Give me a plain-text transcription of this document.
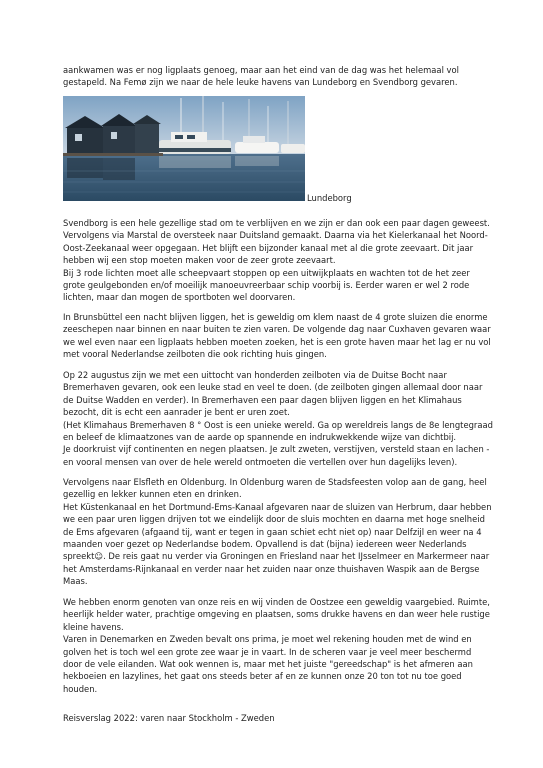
aankwamen was er nog ligplaats genoeg, maar aan het eind van de dag was het helemaal vol

gestapeld. Na Femø zijn we naar de hele leuke havens van Lundeborg en Svendborg gevaren.

Lundeborg

Svendborg is een hele gezellige stad om te verblijven en we zijn er dan ook een paar dagen geweest.

Vervolgens via Marstal de oversteek naar Duitsland gemaakt. Daarna via het Kielerkanaal het Noord-

Oost-Zeekanaal weer opgegaan. Het blijft een bijzonder kanaal met al die grote zeevaart. Dit jaar

hebben wij een stop moeten maken voor de zeer grote zeevaart.

Bij 3 rode lichten moet alle scheepvaart stoppen op een uitwijkplaats en wachten tot de het zeer

grote geulgebonden en/of moeilijk manoeuvreerbaar schip voorbij is. Eerder waren er wel 2 rode

lichten, maar dan mogen de sportboten wel doorvaren.

In Brunsbüttel een nacht blijven liggen, het is geweldig om klem naast de 4 grote sluizen die enorme

zeeschepen naar binnen en naar buiten te zien varen. De volgende dag naar Cuxhaven gevaren waar

we wel even naar een ligplaats hebben moeten zoeken, het is een grote haven maar het lag er nu vol

met vooral Nederlandse zeilboten die ook richting huis gingen.

Op 22 augustus zijn we met een uittocht van honderden zeilboten via de Duitse Bocht naar

Bremerhaven gevaren, ook een leuke stad en veel te doen. (de zeilboten gingen allemaal door naar

de Duitse Wadden en verder). In Bremerhaven een paar dagen blijven liggen en het Klimahaus

bezocht, dit is echt een aanrader je bent er uren zoet.

(Het Klimahaus Bremerhaven 8 ° Oost is een unieke wereld. Ga op wereldreis langs de 8e lengtegraad

en beleef de klimaatzones van de aarde op spannende en indrukwekkende wijze van dichtbij.

Je doorkruist vijf continenten en negen plaatsen. Je zult zweten, verstijven, versteld staan en lachen -

en vooral mensen van over de hele wereld ontmoeten die vertellen over hun dagelijks leven).

Vervolgens naar Elsfleth en Oldenburg. In Oldenburg waren de Stadsfeesten volop aan de gang, heel

gezellig en lekker kunnen eten en drinken.

Het Küstenkanaal en het Dortmund-Ems-Kanaal afgevaren naar de sluizen van Herbrum, daar hebben

we een paar uren liggen drijven tot we eindelijk door de sluis mochten en daarna met hoge snelheid

de Ems afgevaren (afgaand tij, want er tegen in gaan schiet echt niet op) naar Delfzijl en weer na 4

maanden voer gezet op Nederlandse bodem. Opvallend is dat (bijna) iedereen weer Nederlands

spreekt☺. De reis gaat nu verder via Groningen en Friesland naar het IJsselmeer en Markermeer naar

het Amsterdams-Rijnkanaal en verder naar het zuiden naar onze thuishaven Waspik aan de Bergse

Maas.

We hebben enorm genoten van onze reis en wij vinden de Oostzee een geweldig vaargebied. Ruimte,

heerlijk helder water, prachtige omgeving en plaatsen, soms drukke havens en dan weer hele rustige

kleine havens.

Varen in Denemarken en Zweden bevalt ons prima, je moet wel rekening houden met de wind en

golven het is toch wel een grote zee waar je in vaart. In de scheren vaar je veel meer beschermd

door de vele eilanden. Wat ook wennen is, maar met het juiste "gereedschap" is het afmeren aan

hekboeien en lazylines, het gaat ons steeds beter af en ze kunnen onze 20 ton tot nu toe goed

houden.

Reisverslag 2022: varen naar Stockholm - Zweden
